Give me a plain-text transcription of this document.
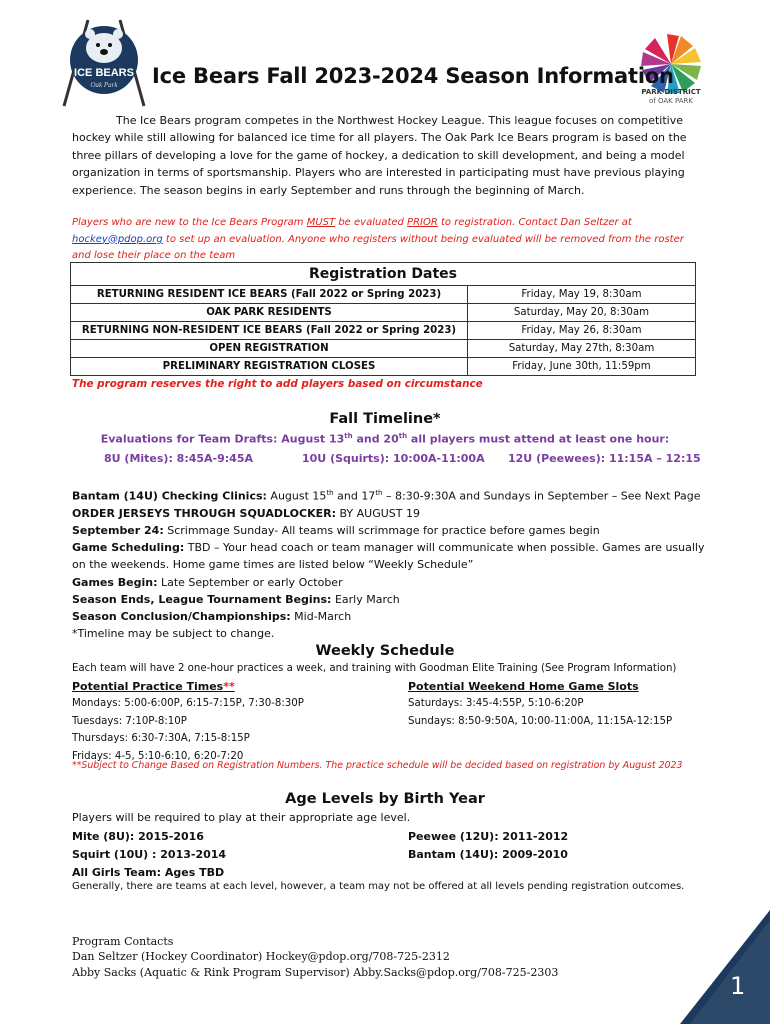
ICE BEARS
Oak Park
PARK DISTRICT
of OAK PARK
Ice Bears Fall 2023-2024 Season Information
The Ice Bears program competes in the Northwest Hockey League. This league focuses on competitive hockey while still allowing for balanced ice time for all players. The Oak Park Ice Bears program is based on the three pillars of developing a love for the game of hockey, a dedication to skill development, and being a model organization in terms of sportsmanship. Players who are interested in participating must have previous playing experience. The season begins in early September and runs through the beginning of March.
Players who are new to the Ice Bears Program MUST be evaluated PRIOR to registration. Contact Dan Seltzer at
hockey@pdop.org to set up an evaluation. Anyone who registers without being evaluated will be removed from the roster and lose their place on the team
Registration Dates	
RETURNING RESIDENT ICE BEARS (Fall 2022 or Spring 2023)	Friday, May 19, 8:30am
OAK PARK RESIDENTS	Saturday, May 20, 8:30am
RETURNING NON-RESIDENT ICE BEARS (Fall 2022 or Spring 2023)	Friday, May 26, 8:30am
OPEN REGISTRATION	Saturday, May 27th, 8:30am
PRELIMINARY REGISTRATION CLOSES	Friday, June 30th, 11:59pm
The program reserves the right to add players based on circumstance
Fall Timeline*
Evaluations for Team Drafts: August 13th and 20th all players must attend at least one hour:
8U (Mites): 8:45A-9:45A	10U (Squirts): 10:00A-11:00A 12U (Peewees): 11:15A – 12:15
Bantam (14U) Checking Clinics: August 15th and 17th – 8:30-9:30A and Sundays in September – See Next Page
ORDER JERSEYS THROUGH SQUADLOCKER: BY AUGUST 19
September 24: Scrimmage Sunday- All teams will scrimmage for practice before games begin
Game Scheduling: TBD – Your head coach or team manager will communicate when possible. Games are usually on the weekends. Home game times are listed below “Weekly Schedule”
Games Begin: Late September or early October
Season Ends, League Tournament Begins: Early March
Season Conclusion/Championships: Mid-March
*Timeline may be subject to change.
Weekly Schedule
Each team will have 2 one-hour practices a week, and training with Goodman Elite Training (See Program Information)
Potential Practice Times**
Mondays: 5:00-6:00P, 6:15-7:15P, 7:30-8:30P
Tuesdays: 7:10P-8:10P
Thursdays: 6:30-7:30A, 7:15-8:15P
Fridays: 4-5, 5:10-6:10, 6:20-7:20
Potential Weekend Home Game Slots
Saturdays: 3:45-4:55P, 5:10-6:20P
Sundays: 8:50-9:50A, 10:00-11:00A, 11:15A-12:15P
**Subject to Change Based on Registration Numbers. The practice schedule will be decided based on registration by August 2023
Age Levels by Birth Year
Players will be required to play at their appropriate age level.
Mite (8U): 2015-2016
Squirt (10U) : 2013-2014
All Girls Team: Ages TBD
Peewee (12U): 2011-2012
Bantam (14U): 2009-2010
Generally, there are teams at each level, however, a team may not be offered at all levels pending registration outcomes.
Program Contacts
Dan Seltzer (Hockey Coordinator) Hockey@pdop.org/708-725-2312
Abby Sacks (Aquatic & Rink Program Supervisor) Abby.Sacks@pdop.org/708-725-2303	1
